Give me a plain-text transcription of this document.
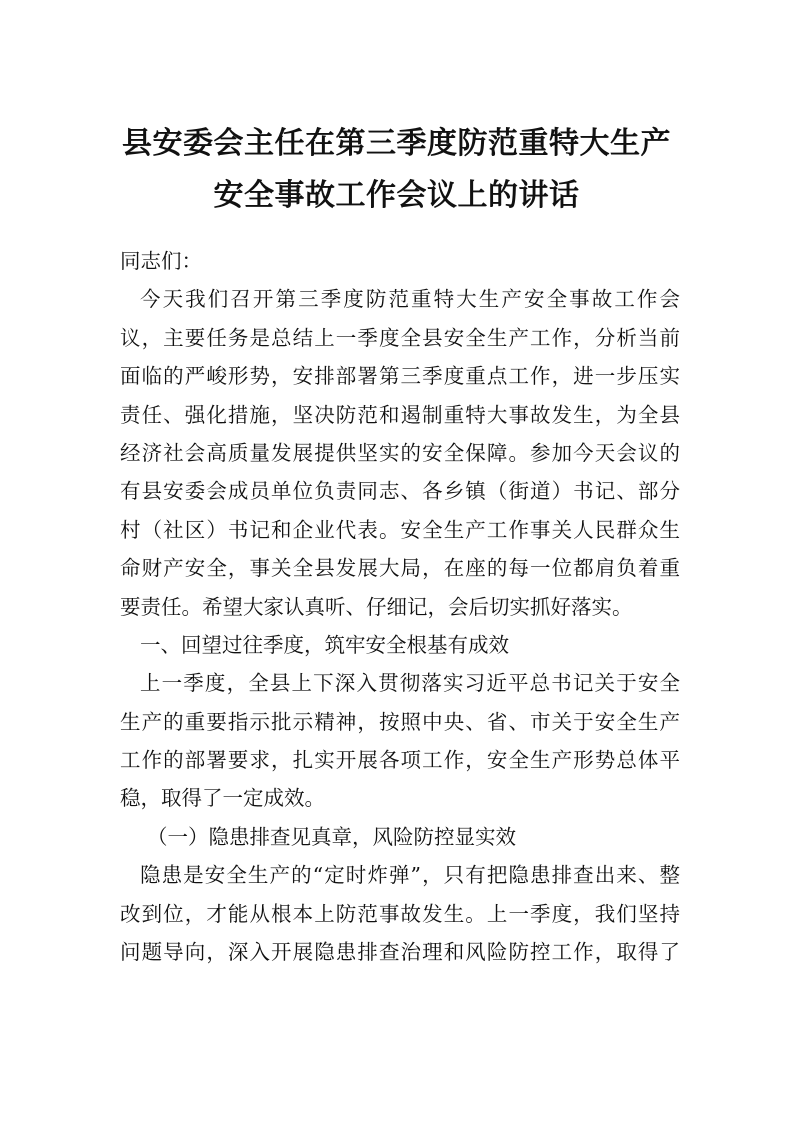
县安委会主任在第三季度防范重特大生产
安全事故工作会议上的讲话
同志们：
今天我们召开第三季度防范重特大生产安全事故工作会
议，主要任务是总结上一季度全县安全生产工作，分析当前
面临的严峻形势，安排部署第三季度重点工作，进一步压实
责任、强化措施，坚决防范和遏制重特大事故发生，为全县
经济社会高质量发展提供坚实的安全保障。参加今天会议的
有县安委会成员单位负责同志、各乡镇（街道）书记、部分
村（社区）书记和企业代表。安全生产工作事关人民群众生
命财产安全，事关全县发展大局，在座的每一位都肩负着重
要责任。希望大家认真听、仔细记，会后切实抓好落实。
一、回望过往季度，筑牢安全根基有成效
上一季度，全县上下深入贯彻落实习近平总书记关于安全
生产的重要指示批示精神，按照中央、省、市关于安全生产
工作的部署要求，扎实开展各项工作，安全生产形势总体平
稳，取得了一定成效。
（一）隐患排查见真章，风险防控显实效
隐患是安全生产的“定时炸弹”，只有把隐患排查出来、整
改到位，才能从根本上防范事故发生。上一季度，我们坚持
问题导向，深入开展隐患排查治理和风险防控工作，取得了
